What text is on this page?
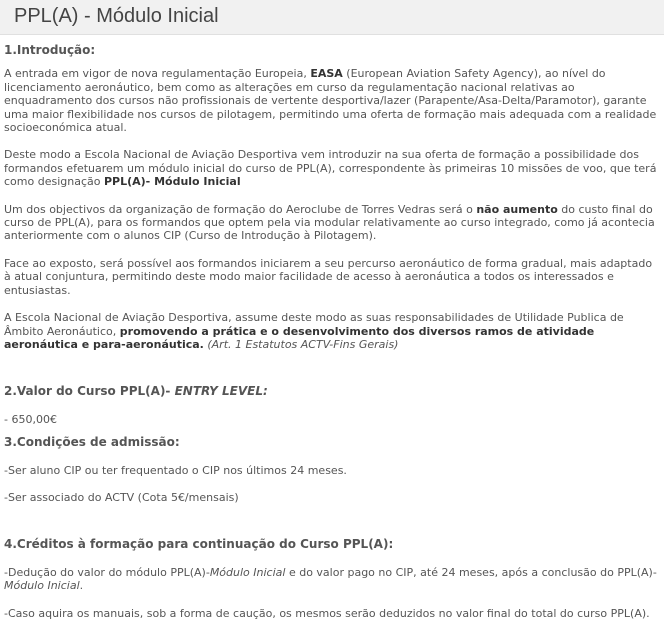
PPL(A) - Módulo Inicial

1.Introdução:

A entrada em vigor de nova regulamentação Europeia, EASA (European Aviation Safety Agency), ao nível do licenciamento aeronáutico, bem como as alterações em curso da regulamentação nacional relativas ao enquadramento dos cursos não profissionais de vertente desportiva/lazer (Parapente/Asa-Delta/Paramotor), garante uma maior flexibilidade nos cursos de pilotagem, permitindo uma oferta de formação mais adequada com a realidade socioeconómica atual.

Deste modo a Escola Nacional de Aviação Desportiva vem introduzir na sua oferta de formação a possibilidade dos formandos efetuarem um módulo inicial do curso de PPL(A), correspondente às primeiras 10 missões de voo, que terá como designação PPL(A)- Módulo Inicial

Um dos objectivos da organização de formação do Aeroclube de Torres Vedras será o não aumento do custo final do curso de PPL(A), para os formandos que optem pela via modular relativamente ao curso integrado, como já acontecia anteriormente com o alunos CIP (Curso de Introdução à Pilotagem).

Face ao exposto, será possível aos formandos iniciarem a seu percurso aeronáutico de forma gradual, mais adaptado à atual conjuntura, permitindo deste modo maior facilidade de acesso à aeronáutica a todos os interessados e entusiastas.

A Escola Nacional de Aviação Desportiva, assume deste modo as suas responsabilidades de Utilidade Publica de Âmbito Aeronáutico, promovendo a prática e o desenvolvimento dos diversos ramos de atividade aeronáutica e para-aeronáutica. (Art. 1 Estatutos ACTV-Fins Gerais)

2.Valor do Curso PPL(A)- ENTRY LEVEL:

- 650,00€

3.Condições de admissão:

-Ser aluno CIP ou ter frequentado o CIP nos últimos 24 meses.

-Ser associado do ACTV (Cota 5€/mensais)

4.Créditos à formação para continuação do Curso PPL(A):

-Dedução do valor do módulo PPL(A)-Módulo Inicial e do valor pago no CIP, até 24 meses, após a conclusão do PPL(A)-Módulo Inicial.

-Caso aquira os manuais, sob a forma de caução, os mesmos serão deduzidos no valor final do total do curso PPL(A).
